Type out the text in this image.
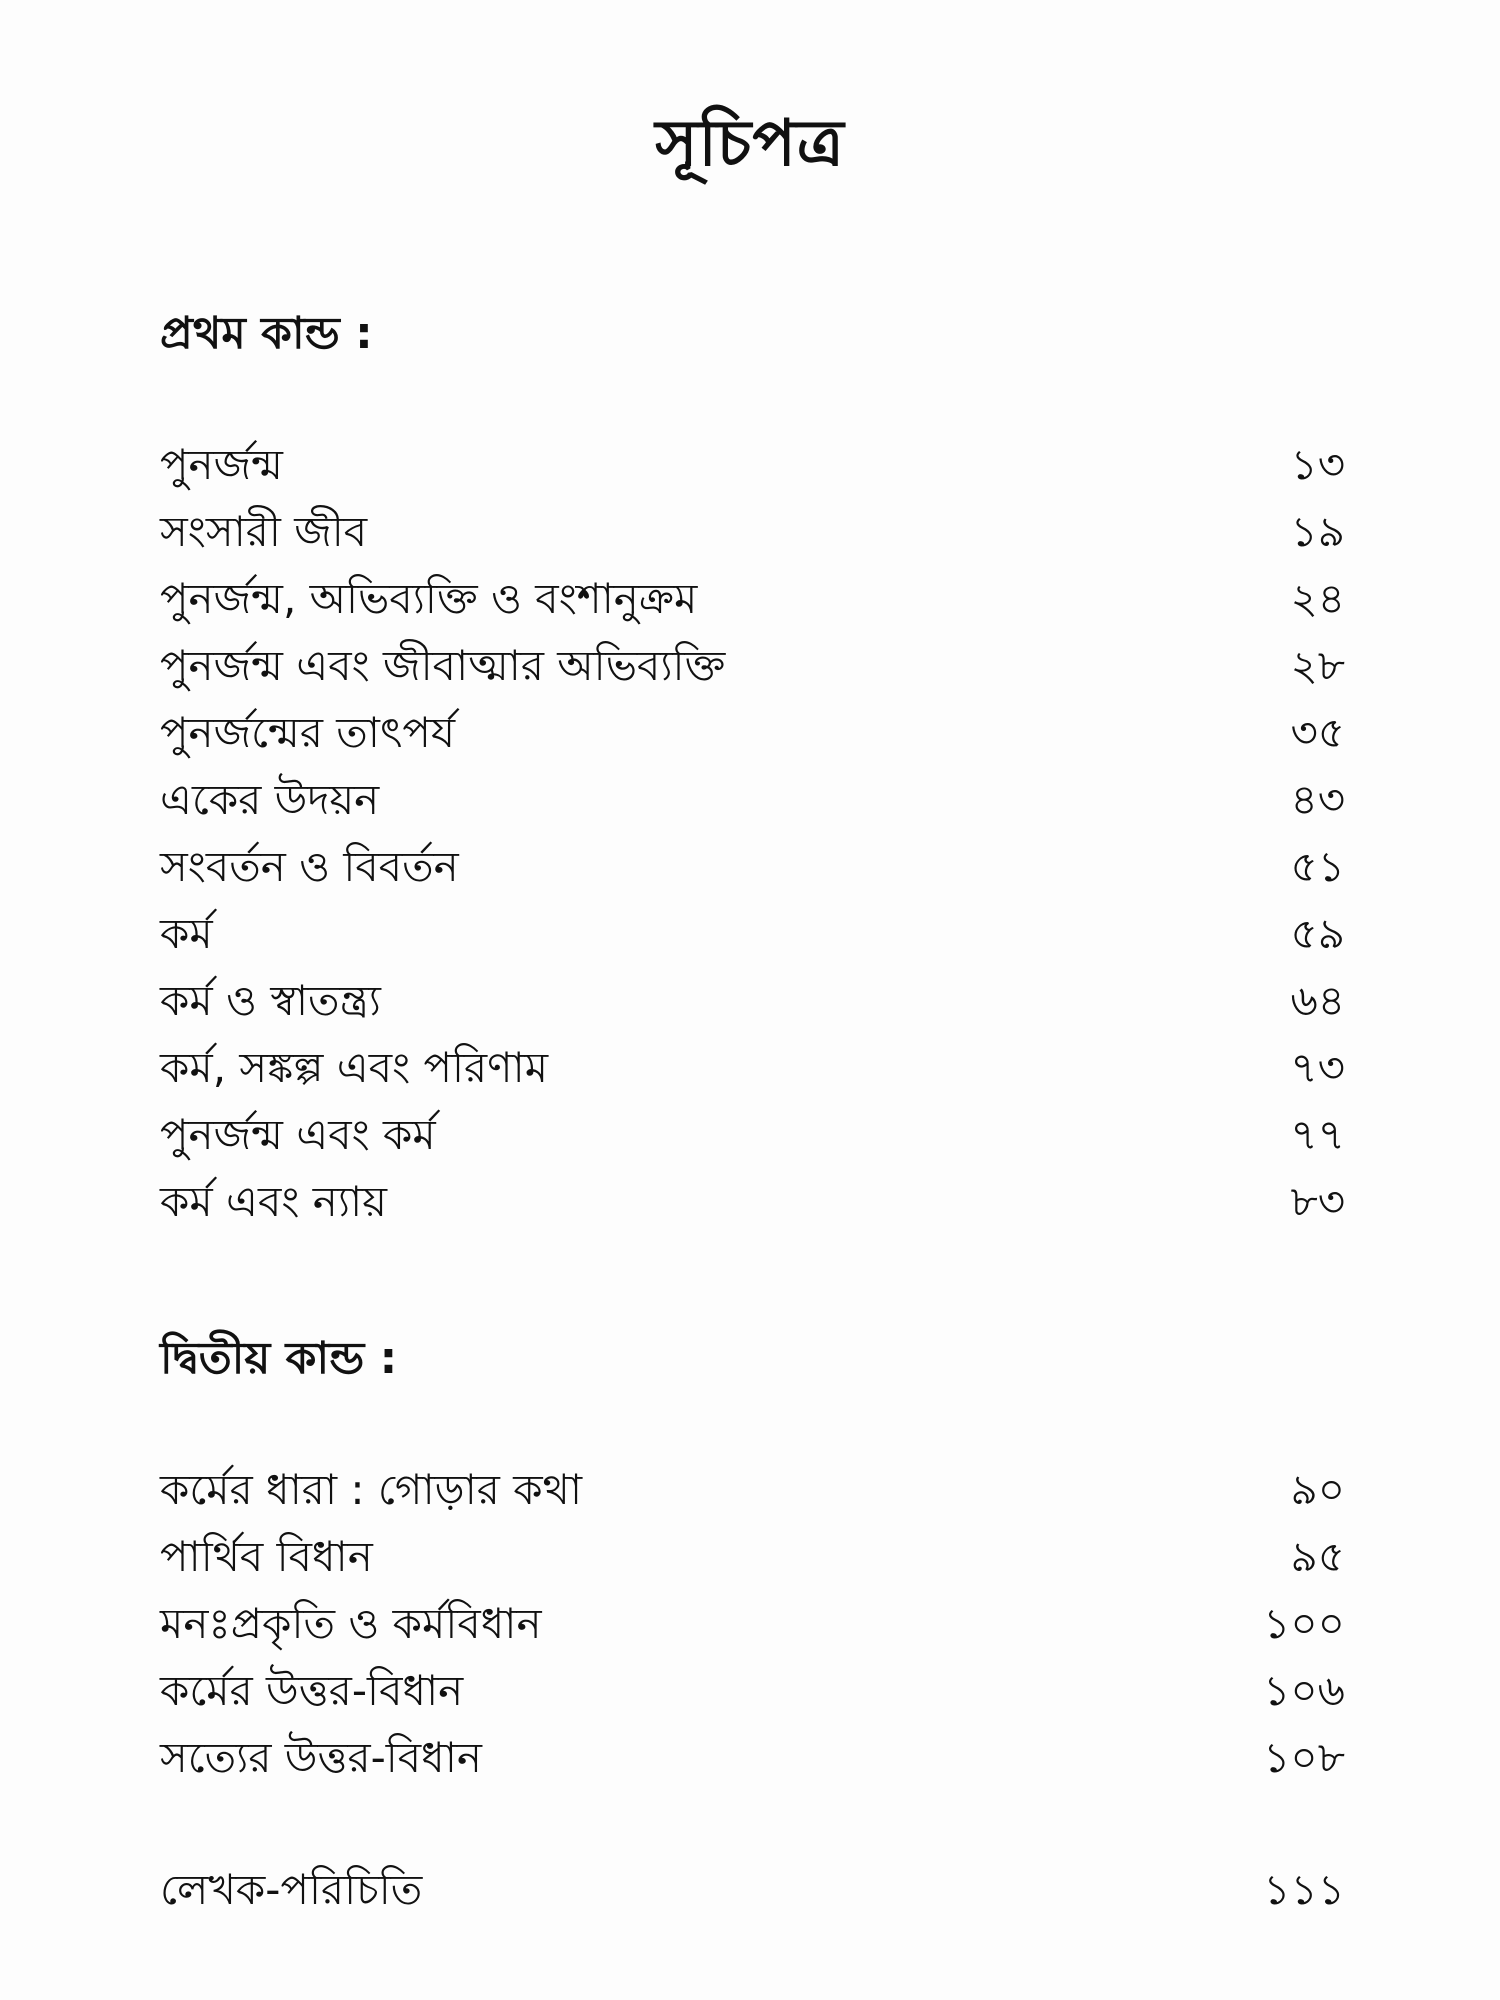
সূচিপত্র
প্রথম কান্ড :
পুনর্জন্ম	১৩
সংসারী জীব	১৯
পুনর্জন্ম, অভিব্যক্তি ও বংশানুক্রম	২৪
পুনর্জন্ম এবং জীবাত্মার অভিব্যক্তি	২৮
পুনর্জন্মের তাৎপর্য	৩৫
একের উদয়ন	৪৩
সংবর্তন ও বিবর্তন	৫১
কর্ম	৫৯
কর্ম ও স্বাতন্ত্র্য	৬৪
কর্ম, সঙ্কল্প এবং পরিণাম	৭৩
পুনর্জন্ম এবং কর্ম	৭৭
কর্ম এবং ন্যায়	৮৩
দ্বিতীয় কান্ড :
কর্মের ধারা : গোড়ার কথা	৯০
পার্থিব বিধান	৯৫
মনঃপ্রকৃতি ও কর্মবিধান	১০০
কর্মের উত্তর-বিধান	১০৬
সত্যের উত্তর-বিধান	১০৮
লেখক-পরিচিতি	১১১
